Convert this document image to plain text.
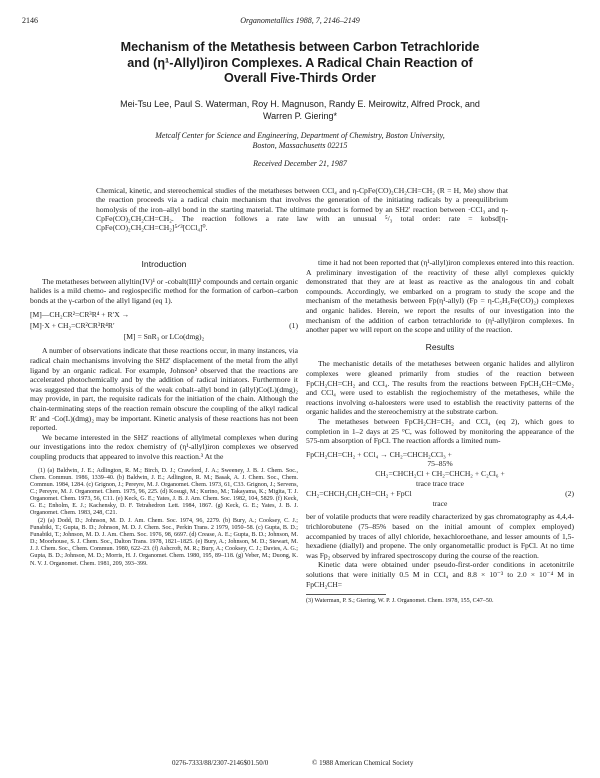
2146	Organometallics 1988, 7, 2146–2149
Mechanism of the Metathesis between Carbon Tetrachloride
and (η¹-Allyl)iron Complexes. A Radical Chain Reaction of
Overall Five-Thirds Order
Mei-Tsu Lee, Paul S. Waterman, Roy H. Magnuson, Randy E. Meirowitz, Alfred Prock, and
Warren P. Giering*
Metcalf Center for Science and Engineering, Department of Chemistry, Boston University,
Boston, Massachusetts 02215
Received December 21, 1987

Chemical, kinetic, and stereochemical studies of the metatheses between CCl₄ and η-CpFe(CO)₂CH₂CH=CH₂ (R = H, Me) show that the reaction proceeds via a radical chain mechanism that involves the generation of the initiating radicals by a preequilibrium homolysis of the iron–allyl bond in the starting material. The ultimate product is formed by an SH2′ reaction between ·CCl₃ and η-CpFe(CO)₂CH₂CH=CH₂. The reaction follows a rate law with an unusual ⁵/₃ total order: rate = kobsd[η-CpFe(CO)₂CH₂CH=CH₂]⁵ᐟ³[CCl₄]⁰.

Introduction

The metatheses between allyltin(IV)¹ or -cobalt(III)² compounds and certain organic halides is a mild chemo- and regiospecific method for the formation of carbon–carbon bonds at the γ-carbon of the allyl ligand (eq 1).

[M]—CH₂CR²=CR³R⁴ + R′X →
[M]·X + CH₂=CR²CR³R⁴R′	(1)
[M] = SnR₃ or LCo(dmg)₂

A number of observations indicate that these reactions occur, in many instances, via radical chain mechanisms involving the SH2′ displacement of the metal from the allyl ligand by an organic radical. For example, Johnson² observed that the reactions are accelerated photochemically and by the addition of radical initiators. Furthermore it was suggested that the homolysis of the weak cobalt–allyl bond in (allyl)Co(L)(dmg)₂ may provide, in part, the requisite radicals for the initiation of the chain. Although the chain-terminating steps of the reaction remain obscure the coupling of the alkyl radical R′ and ·Co(L)(dmg)₂ may be important. Kinetic analysis of these reactions has not been reported.

We became interested in the SH2′ reactions of allylmetal complexes when during our investigations into the redox chemistry of (η¹-allyl)iron complexes we observed coupling products that appeared to involve this reaction.³ At the

(1) (a) Baldwin, J. E.; Adlington, R. M.; Birch, D. J.; Crawford, J. A.; Sweeney, J. B. J. Chem. Soc., Chem. Commun. 1986, 1339–40. (b) Baldwin, J. E.; Adlington, R. M.; Basak, A. J. Chem. Soc., Chem. Commun. 1984, 1284. (c) Grignon, J.; Pereyre, M. J. Organomet. Chem. 1973, 61, C33. Grignon, J.; Servens, C.; Pereyre, M. J. Organomet. Chem. 1975, 96, 225. (d) Kosugi, M.; Kurino, M.; Takayama, K.; Migita, T. J. Organomet. Chem. 1973, 56, C11. (e) Keck, G. E.; Yates, J. B. J. Am. Chem. Soc. 1982, 104, 5829. (f) Keck, G. E.; Enholm, E. J.; Kachensky, D. F. Tetrahedron Lett. 1984, 1867. (g) Keck, G. E.; Yates, J. B. J. Organomet. Chem. 1983, 248, C21.
(2) (a) Dodd, D.; Johnson, M. D. J. Am. Chem. Soc. 1974, 96, 2279. (b) Bury, A.; Cooksey, C. J.; Funabiki, T.; Gupta, B. D.; Johnson, M. D. J. Chem. Soc., Perkin Trans. 2 1979, 1050–58. (c) Gupta, B. D.; Funabiki, T.; Johnson, M. D. J. Am. Chem. Soc. 1976, 98, 6697. (d) Crease, A. E.; Gupta, B. D.; Johnson, M. D.; Moorhouse, S. J. Chem. Soc., Dalton Trans. 1978, 1821–1825. (e) Bury, A.; Johnson, M. D.; Stewart, M. J. J. Chem. Soc., Chem. Commun. 1980, 622–23. (f) Ashcroft, M. R.; Bury, A.; Cooksey, C. J.; Davies, A. G.; Gupta, B. D.; Johnson, M. D.; Morris, H. J. Organomet. Chem. 1980, 195, 89–118. (g) Veber, M.; Duong, K. N. V. J. Organomet. Chem. 1981, 209, 393–399.

time it had not been reported that (η¹-allyl)iron complexes entered into this reaction. A preliminary investigation of the reactivity of these allyl complexes quickly demonstrated that they are at least as reactive as the analogous tin and cobalt compounds. Accordingly, we embarked on a program to study the scope and the mechanism of the metathesis between Fp(η¹-allyl) (Fp = η-C₅H₅Fe(CO)₂) complexes and organic halides. Herein, we report the results of our investigation into the mechanism of the addition of carbon tetrachloride to (η¹-allyl)iron complexes. In another paper we will report on the scope and utility of the reaction.

Results

The mechanistic details of the metatheses between organic halides and allyliron complexes were gleaned primarily from studies of the reaction between FpCH₂CH=CH₂ and CCl₄. The results from the reactions between FpCH₂CH=CMe₂ and CCl₄ were used to establish the regiochemistry of the metatheses, while the reactions involving α-haloesters were used to establish the reactivity patterns of the organic halides and the stereochemistry at the substrate carbon.

The metatheses between FpCH₂CH=CH₂ and CCl₄ (eq 2), which goes to completion in 1–2 days at 25 °C, was followed by monitoring the appearance of the 575-nm absorption of FpCl. The reaction affords a limited num-

FpCH₂CH=CH₂ + CCl₄ → CH₂=CHCH₂CCl₃ +
75–85%
CH₂=CHCH₂Cl + CH₂=CHCH₂ + C₂Cl₆ +
trace trace trace
CH₂=CHCH₂CH₂CH=CH₂ + FpCl	(2)
trace

ber of volatile products that were readily characterized by gas chromatography as 4,4,4-trichlorobutene (75–85% based on the initial amount of complex employed) accompanied by traces of allyl chloride, hexachloroethane, and lesser amounts of 1,5-hexadiene (diallyl) and propene. The only organometallic product is FpCl. At no time was Fp₂ observed by infrared spectroscopy during the course of the reaction.

Kinetic data were obtained under pseudo-first-order conditions in acetonitrile solutions that were initially 0.5 M in CCl₄ and 8.8 × 10⁻³ to 2.0 × 10⁻⁴ M in FpCH₂CH=

(3) Waterman, P. S.; Giering, W. P. J. Organomet. Chem. 1978, 155, C47–50.
0276-7333/88/2307-2146$01.50/0	© 1988 American Chemical Society
